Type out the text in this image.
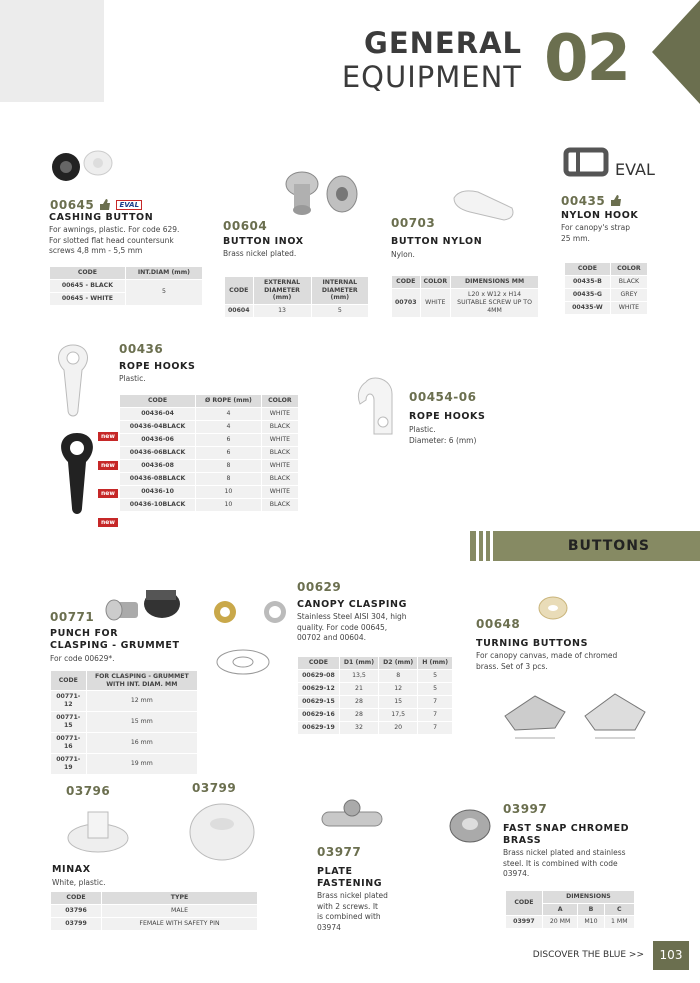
GENERAL
EQUIPMENT 02
00645	EVAL
CASHING BUTTON
For awnings, plastic. For code 629.
For slotted flat head countersunk
screws 4,8 mm - 5,5 mm
CODE	INT.DIAM (mm)
00645 - BLACK	5
00645 - WHITE	
00604
BUTTON INOX
Brass nickel plated.
CODE	EXTERNAL DIAMETER (mm)	INTERNAL DIAMETER (mm)
00604	13	5
00703
BUTTON NYLON
Nylon.
CODE	COLOR	DIMENSIONS MM
00703	WHITE	L20 x W12 x H14 SUITABLE SCREW UP TO 4MM
EVAL
00435
NYLON HOOK
For canopy's strap
25 mm.
CODE	COLOR
00435-B	BLACK
00435-G	GREY
00435-W	WHITE
00436
ROPE HOOKS
Plastic.
CODE	Ø ROPE (mm)	COLOR
00436-04	4	WHITE
00436-04BLACK	4	BLACK
00436-06	6	WHITE
00436-06BLACK	6	BLACK
00436-08	8	WHITE
00436-08BLACK	8	BLACK
00436-10	10	WHITE
00436-10BLACK	10	BLACK
new
new
new
new
00454-06
ROPE HOOKS
Plastic.
Diameter: 6 (mm)
BUTTONS
00771
PUNCH FOR
CLASPING - GRUMMET
For code 00629*.
CODE	FOR CLASPING - GRUMMET WITH INT. DIAM. MM
00771-12	12 mm
00771-15	15 mm
00771-16	16 mm
00771-19	19 mm
00629
CANOPY CLASPING
Stainless Steel AISI 304, high
quality. For code 00645,
00702 and 00604.
CODE	D1 (mm)	D2 (mm)	H (mm)
00629-08	13,5	8	5
00629-12	21	12	5
00629-15	28	15	7
00629-16	28	17,5	7
00629-19	32	20	7
00648
TURNING BUTTONS
For canopy canvas, made of chromed
brass. Set of 3 pcs.
03796	03799
MINAX
White, plastic.
CODE	TYPE
03796	MALE
03799	FEMALE WITH SAFETY PIN
03977
PLATE
FASTENING
Brass nickel plated
with 2 screws. It
is combined with
03974
03997
FAST SNAP CHROMED
BRASS
Brass nickel plated and stainless
steel. It is combined with code
03974.
CODE	DIMENSIONS		
	A	B	C
03997	20 MM	M10	1 MM
DISCOVER THE BLUE >>	103
